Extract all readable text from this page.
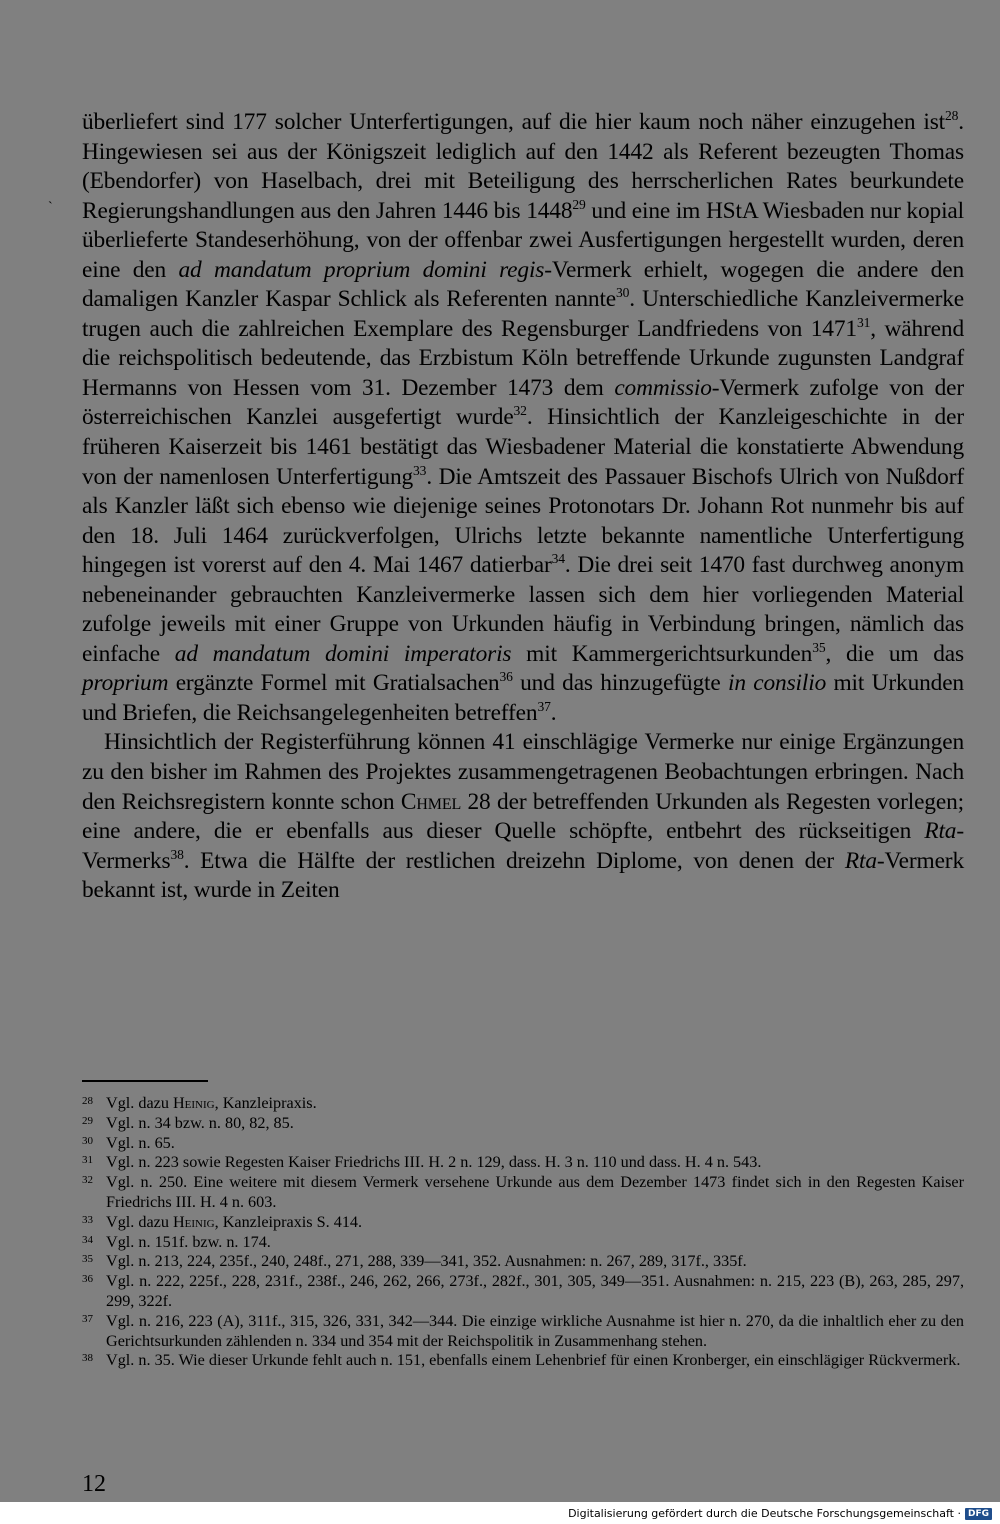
`

überliefert sind 177 solcher Unterfertigungen, auf die hier kaum noch näher einzugehen ist$^{28}$. Hingewiesen sei aus der Königszeit lediglich auf den 1442 als Referent bezeugten Thomas (Ebendorfer) von Haselbach, drei mit Beteiligung des herrscherlichen Rates beurkundete Regierungshandlungen aus den Jahren 1446 bis 1448$^{29}$ und eine im HStA Wiesbaden nur kopial überlieferte Standeserhöhung, von der offenbar zwei Ausfertigungen hergestellt wurden, deren eine den ad mandatum proprium domini regis-Vermerk erhielt, wogegen die andere den damaligen Kanzler Kaspar Schlick als Referenten nannte$^{30}$. Unterschiedliche Kanzleivermerke trugen auch die zahlreichen Exemplare des Regensburger Landfriedens von 1471$^{31}$, während die reichspolitisch bedeutende, das Erzbistum Köln betreffende Urkunde zugunsten Landgraf Hermanns von Hessen vom 31. Dezember 1473 dem commissio-Vermerk zufolge von der österreichischen Kanzlei ausgefertigt wurde$^{32}$. Hinsichtlich der Kanzleigeschichte in der früheren Kaiserzeit bis 1461 bestätigt das Wiesbadener Material die konstatierte Abwendung von der namenlosen Unterfertigung$^{33}$. Die Amtszeit des Passauer Bischofs Ulrich von Nußdorf als Kanzler läßt sich ebenso wie diejenige seines Protonotars Dr. Johann Rot nunmehr bis auf den 18. Juli 1464 zurückverfolgen, Ulrichs letzte bekannte namentliche Unterfertigung hingegen ist vorerst auf den 4. Mai 1467 datierbar$^{34}$. Die drei seit 1470 fast durchweg anonym nebeneinander gebrauchten Kanzleivermerke lassen sich dem hier vorliegenden Material zufolge jeweils mit einer Gruppe von Urkunden häufig in Verbindung bringen, nämlich das einfache ad mandatum domini imperatoris mit Kammergerichtsurkunden$^{35}$, die um das proprium ergänzte Formel mit Gratialsachen$^{36}$ und das hinzugefügte in consilio mit Urkunden und Briefen, die Reichsangelegenheiten betreffen$^{37}$.

Hinsichtlich der Registerführung können 41 einschlägige Vermerke nur einige Ergänzungen zu den bisher im Rahmen des Projektes zusammengetragenen Beobachtungen erbringen. Nach den Reichsregistern konnte schon Chmel 28 der betreffenden Urkunden als Regesten vorlegen; eine andere, die er ebenfalls aus dieser Quelle schöpfte, entbehrt des rückseitigen Rta-Vermerks$^{38}$. Etwa die Hälfte der restlichen dreizehn Diplome, von denen der Rta-Vermerk bekannt ist, wurde in Zeiten

28 Vgl. dazu Heinig, Kanzleipraxis.
29 Vgl. n. 34 bzw. n. 80, 82, 85.
30 Vgl. n. 65.
31 Vgl. n. 223 sowie Regesten Kaiser Friedrichs III. H. 2 n. 129, dass. H. 3 n. 110 und dass. H. 4 n. 543.
32 Vgl. n. 250. Eine weitere mit diesem Vermerk versehene Urkunde aus dem Dezember 1473 findet sich in den Regesten Kaiser Friedrichs III. H. 4 n. 603.
33 Vgl. dazu Heinig, Kanzleipraxis S. 414.
34 Vgl. n. 151f. bzw. n. 174.
35 Vgl. n. 213, 224, 235f., 240, 248f., 271, 288, 339—341, 352. Ausnahmen: n. 267, 289, 317f., 335f.
36 Vgl. n. 222, 225f., 228, 231f., 238f., 246, 262, 266, 273f., 282f., 301, 305, 349—351. Ausnahmen: n. 215, 223 (B), 263, 285, 297, 299, 322f.
37 Vgl. n. 216, 223 (A), 311f., 315, 326, 331, 342—344. Die einzige wirkliche Ausnahme ist hier n. 270, da die inhaltlich eher zu den Gerichtsurkunden zählenden n. 334 und 354 mit der Reichspolitik in Zusammenhang stehen.
38 Vgl. n. 35. Wie dieser Urkunde fehlt auch n. 151, ebenfalls einem Lehenbrief für einen Kronberger, ein einschlägiger Rückvermerk.
12
Digitalisierung gefördert durch die Deutsche Forschungsgemeinschaft · DFG
